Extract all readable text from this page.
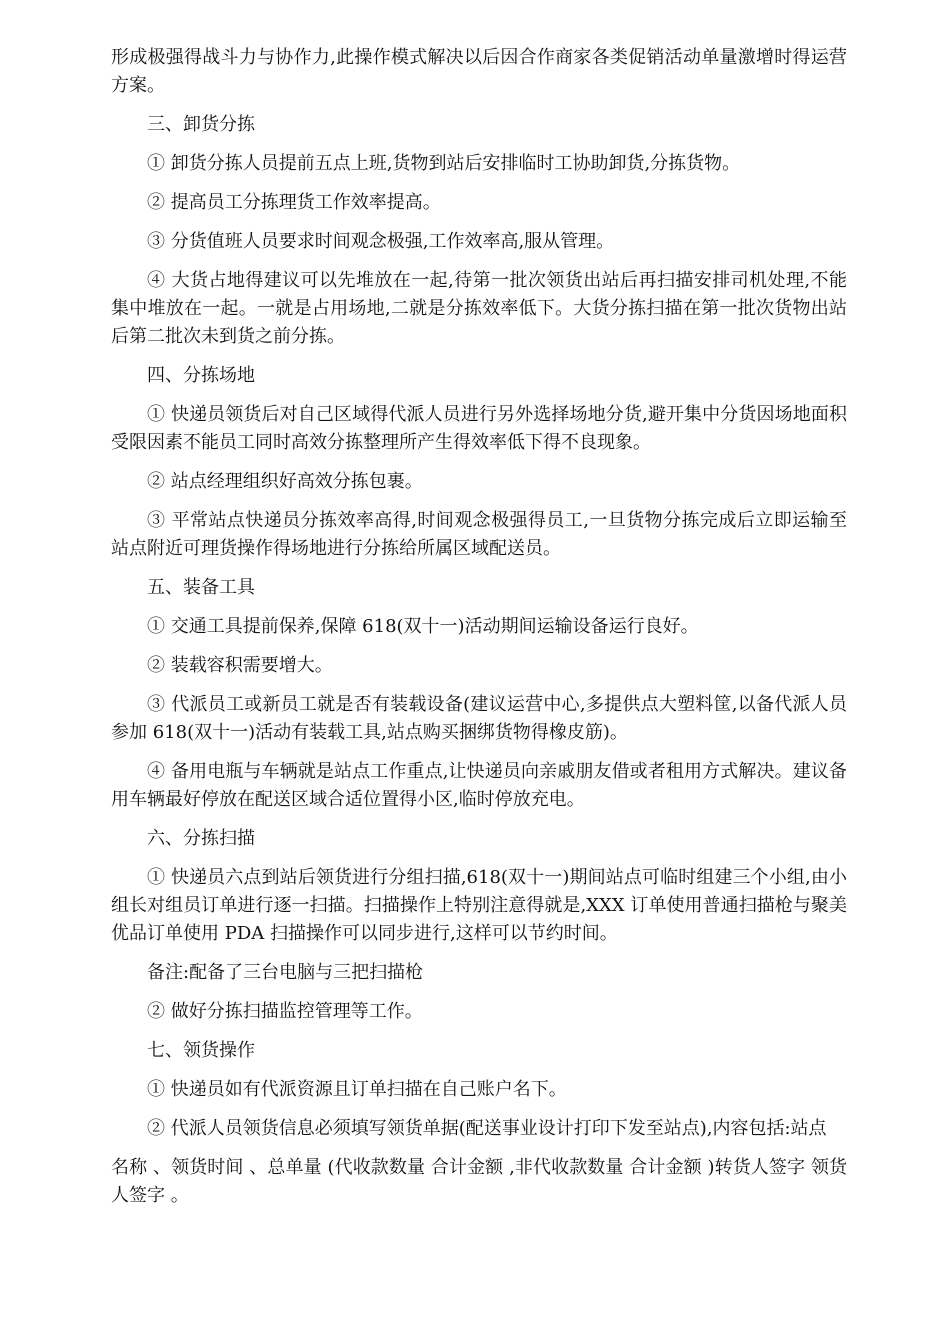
形成极强得战斗力与协作力,此操作模式解决以后因合作商家各类促销活动单量激增时得运营方案。

三、卸货分拣

① 卸货分拣人员提前五点上班,货物到站后安排临时工协助卸货,分拣货物。

② 提高员工分拣理货工作效率提高。

③ 分货值班人员要求时间观念极强,工作效率高,服从管理。

④ 大货占地得建议可以先堆放在一起,待第一批次领货出站后再扫描安排司机处理,不能集中堆放在一起。一就是占用场地,二就是分拣效率低下。大货分拣扫描在第一批次货物出站后第二批次未到货之前分拣。

四、分拣场地

① 快递员领货后对自己区域得代派人员进行另外选择场地分货,避开集中分货因场地面积受限因素不能员工同时高效分拣整理所产生得效率低下得不良现象。

② 站点经理组织好高效分拣包裹。

③ 平常站点快递员分拣效率高得,时间观念极强得员工,一旦货物分拣完成后立即运输至站点附近可理货操作得场地进行分拣给所属区域配送员。

五、装备工具

① 交通工具提前保养,保障 618(双十一)活动期间运输设备运行良好。

② 装载容积需要增大。

③ 代派员工或新员工就是否有装载设备(建议运营中心,多提供点大塑料筐,以备代派人员参加 618(双十一)活动有装载工具,站点购买捆绑货物得橡皮筋)。

④ 备用电瓶与车辆就是站点工作重点,让快递员向亲戚朋友借或者租用方式解决。建议备用车辆最好停放在配送区域合适位置得小区,临时停放充电。

六、分拣扫描

① 快递员六点到站后领货进行分组扫描,618(双十一)期间站点可临时组建三个小组,由小组长对组员订单进行逐一扫描。扫描操作上特别注意得就是,XXX 订单使用普通扫描枪与聚美优品订单使用 PDA 扫描操作可以同步进行,这样可以节约时间。

备注:配备了三台电脑与三把扫描枪

② 做好分拣扫描监控管理等工作。

七、领货操作

① 快递员如有代派资源且订单扫描在自己账户名下。

② 代派人员领货信息必须填写领货单据(配送事业设计打印下发至站点),内容包括:站点

名称 、领货时间 、总单量 (代收款数量 合计金额 ,非代收款数量 合计金额 )转货人签字 领货人签字 。
